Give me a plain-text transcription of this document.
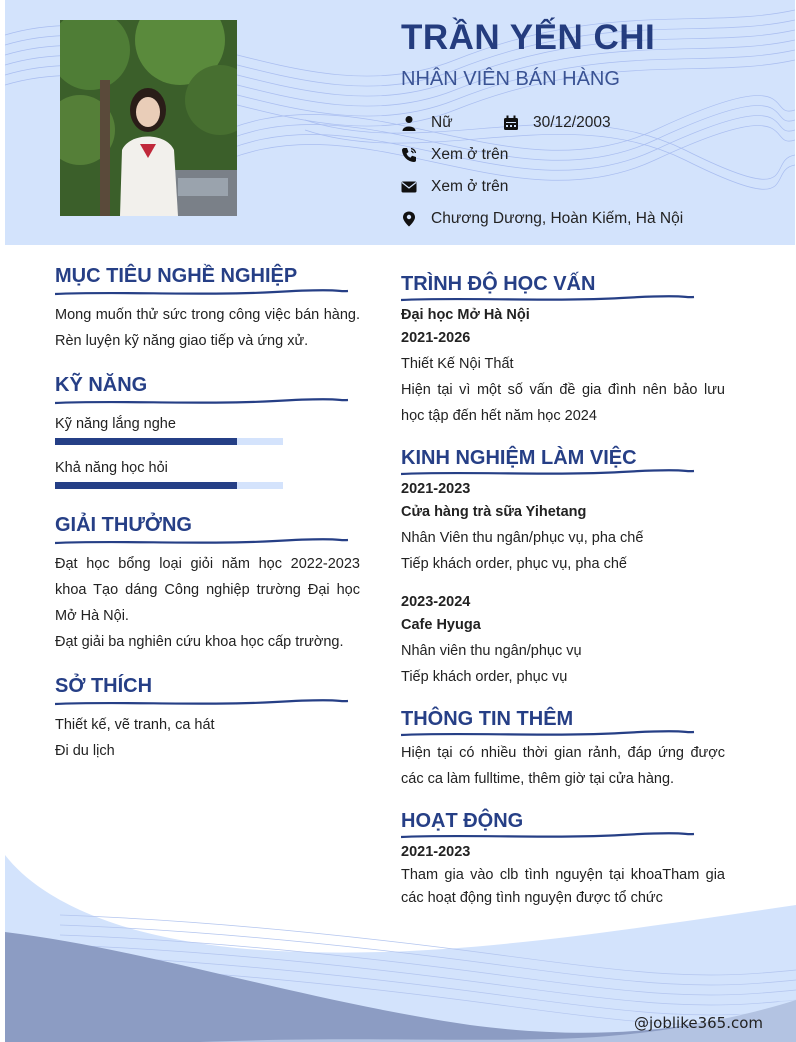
TRẦN YẾN CHI
NHÂN VIÊN BÁN HÀNG
Nữ	30/12/2003
Xem ở trên
Xem ở trên
Chương Dương, Hoàn Kiếm, Hà Nội
MỤC TIÊU NGHỀ NGHIỆP
Mong muốn thử sức trong công việc bán hàng. Rèn luyện kỹ năng giao tiếp và ứng xử.
KỸ NĂNG
Kỹ năng lắng nghe
Khả năng học hỏi
GIẢI THƯỞNG
Đạt học bổng loại giỏi năm học 2022-2023 khoa Tạo dáng Công nghiệp trường Đại học Mở Hà Nội.
Đạt giải ba nghiên cứu khoa học cấp trường.
SỞ THÍCH
Thiết kế, vẽ tranh, ca hát
Đi du lịch
TRÌNH ĐỘ HỌC VẤN
Đại học Mở Hà Nội
2021-2026
Thiết Kế Nội Thất
Hiện tại vì một số vấn đề gia đình nên bảo lưu học tập đến hết năm học 2024
KINH NGHIỆM LÀM VIỆC
2021-2023
Cửa hàng trà sữa Yihetang
Nhân Viên thu ngân/phục vụ, pha chế
Tiếp khách order, phục vụ, pha chế
2023-2024
Cafe Hyuga
Nhân viên thu ngân/phục vụ
Tiếp khách order, phục vụ
THÔNG TIN THÊM
Hiện tại có nhiều thời gian rảnh, đáp ứng được các ca làm fulltime, thêm giờ tại cửa hàng.
HOẠT ĐỘNG
2021-2023
Tham gia vào clb tình nguyện tại khoaTham gia các hoạt động tình nguyện được tổ chức
@joblike365.com
